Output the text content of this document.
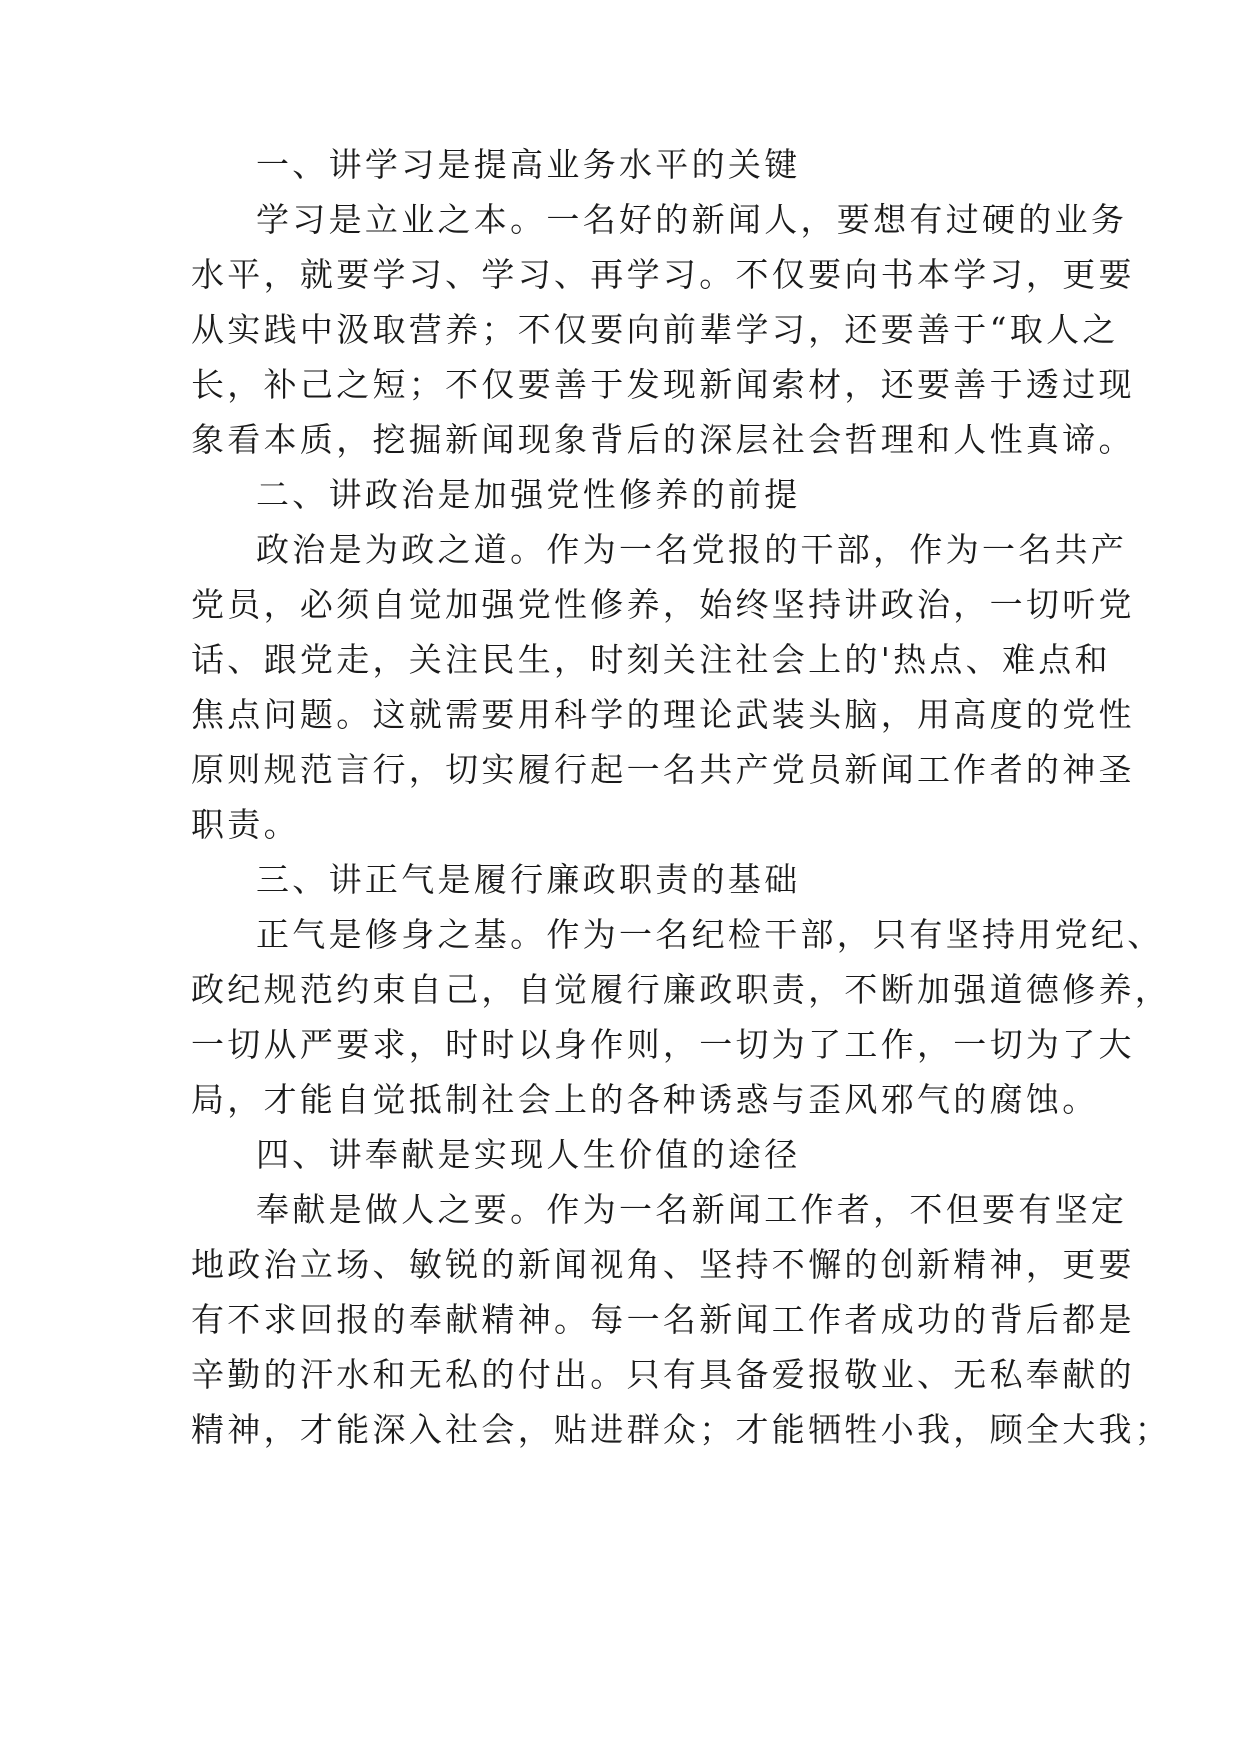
一、讲学习是提高业务水平的关键
学习是立业之本。一名好的新闻人，要想有过硬的业务
水平，就要学习、学习、再学习。不仅要向书本学习，更要
从实践中汲取营养；不仅要向前辈学习，还要善于“取人之
长，补己之短；不仅要善于发现新闻索材，还要善于透过现
象看本质，挖掘新闻现象背后的深层社会哲理和人性真谛。
二、讲政治是加强党性修养的前提
政治是为政之道。作为一名党报的干部，作为一名共产
党员，必须自觉加强党性修养，始终坚持讲政治，一切听党
话、跟党走，关注民生，时刻关注社会上的'热点、难点和
焦点问题。这就需要用科学的理论武装头脑，用高度的党性
原则规范言行，切实履行起一名共产党员新闻工作者的神圣
职责。
三、讲正气是履行廉政职责的基础
正气是修身之基。作为一名纪检干部，只有坚持用党纪、
政纪规范约束自己，自觉履行廉政职责，不断加强道德修养，
一切从严要求，时时以身作则，一切为了工作，一切为了大
局，才能自觉抵制社会上的各种诱惑与歪风邪气的腐蚀。
四、讲奉献是实现人生价值的途径
奉献是做人之要。作为一名新闻工作者，不但要有坚定
地政治立场、敏锐的新闻视角、坚持不懈的创新精神，更要
有不求回报的奉献精神。每一名新闻工作者成功的背后都是
辛勤的汗水和无私的付出。只有具备爱报敬业、无私奉献的
精神，才能深入社会，贴进群众；才能牺牲小我，顾全大我；
